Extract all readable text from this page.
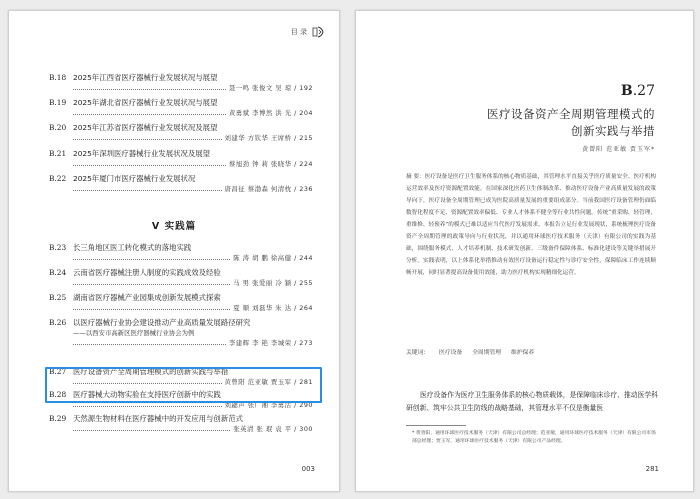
目 录
B.18 2025年江西省医疗器械行业发展状况与展望
聂一鸣 张俊文 吴 琼 / 192
B.19 2025年湖北省医疗器械行业发展状况与展望
黄勇斌 李博然 洪 光 / 204
B.20 2025年江苏省医疗器械行业发展状况及展望
刘建华 方钦华 王席桥 / 215
B.21 2025年深圳医疗器械行业发展状况及展望
蔡旭劲 钟 莉 张晓华 / 224
B.22 2025年厦门市医疗器械行业发展状况
唐昌征 蔡渤森 何清枕 / 236
B.23 长三角地区医工转化模式的落地实践
陈 涛 胡 鹏 徐高健 / 244
B.24 云南省医疗器械注册人制度的实践成效及经验
马 男 张爱丽 冷 颖 / 255
B.25 湖南省医疗器械产业园集成创新发展模式探索
夏 顺 刘磊华 朱 达 / 264
B.26 以医疗器械行业协会建设推动产业高质量发展路径研究
——以西安市高新区医疗器械行业协会为例
李建辉 李 艳 李城荣 / 273
B.27 医疗设备资产全周期管理模式的创新实践与举措
黄曾阳 范亚敏 贾玉军 / 281
B.28 医疗器械大动物实验在支持医疗创新中的实践
刘勰声 张广湘 李勇活 / 290
B.29 天然源生物材料在医疗器械中的开发应用与创新范式
张英清 张 珉 袁 平 / 300
V 实践篇
003
B.27
医疗设备资产全周期管理模式的
创新实践与举措
黄曾阳 范亚敏 贾玉军*
摘 要：医疗设备是医疗卫生服务体系的核心物质基础，其管理水平直接关乎医疗质量安全、医疗机构运营效率及医疗资源配置效能。在国家深化医药卫生体制改革、推动医疗设备产业高质量发展的政策导向下，医疗设备全周期管理已成为医院高质量发展的重要组成部分。当前我国医疗设备管理仍面临数智化程度不足、资源配置效率偏低、专业人才体系不健全等行业共性问题。传统“重采购、轻管理，重维修、轻预养”的模式已难以适应当代医疗发展需求。本报告立足行业发展现状，系统梳理医疗设备资产全周期管理的政策导向与行业状况，并以通用环球医疗技术服务（天津）有限公司的实践为基础，围绕服务模式、人才培养机制、技术研发创新、三级备件保障体系、标准化建设等关键举措展开分析。实践表明，以上体系化举措推动有效医疗设备运行稳定性与诊疗安全性，保障临床工作连续顺畅开展，同时显著提高设备使用效能，助力医疗机构实现精细化运营。
关键词： 医疗设备 全周期管理 维护保养
医疗设备作为医疗卫生服务体系的核心物质载体，是保障临床诊疗、推动医学科研创新、筑牢公共卫生防线的战略基础，其管理水平不仅是衡量医
* 黄曾阳，通用环球医疗技术服务（天津）有限公司总经理；范亚敏，通用环球医疗技术服务（天津）有限公司市场部总经理；贾玉军，通用环球医疗技术服务（天津）有限公司产品经理。
281
